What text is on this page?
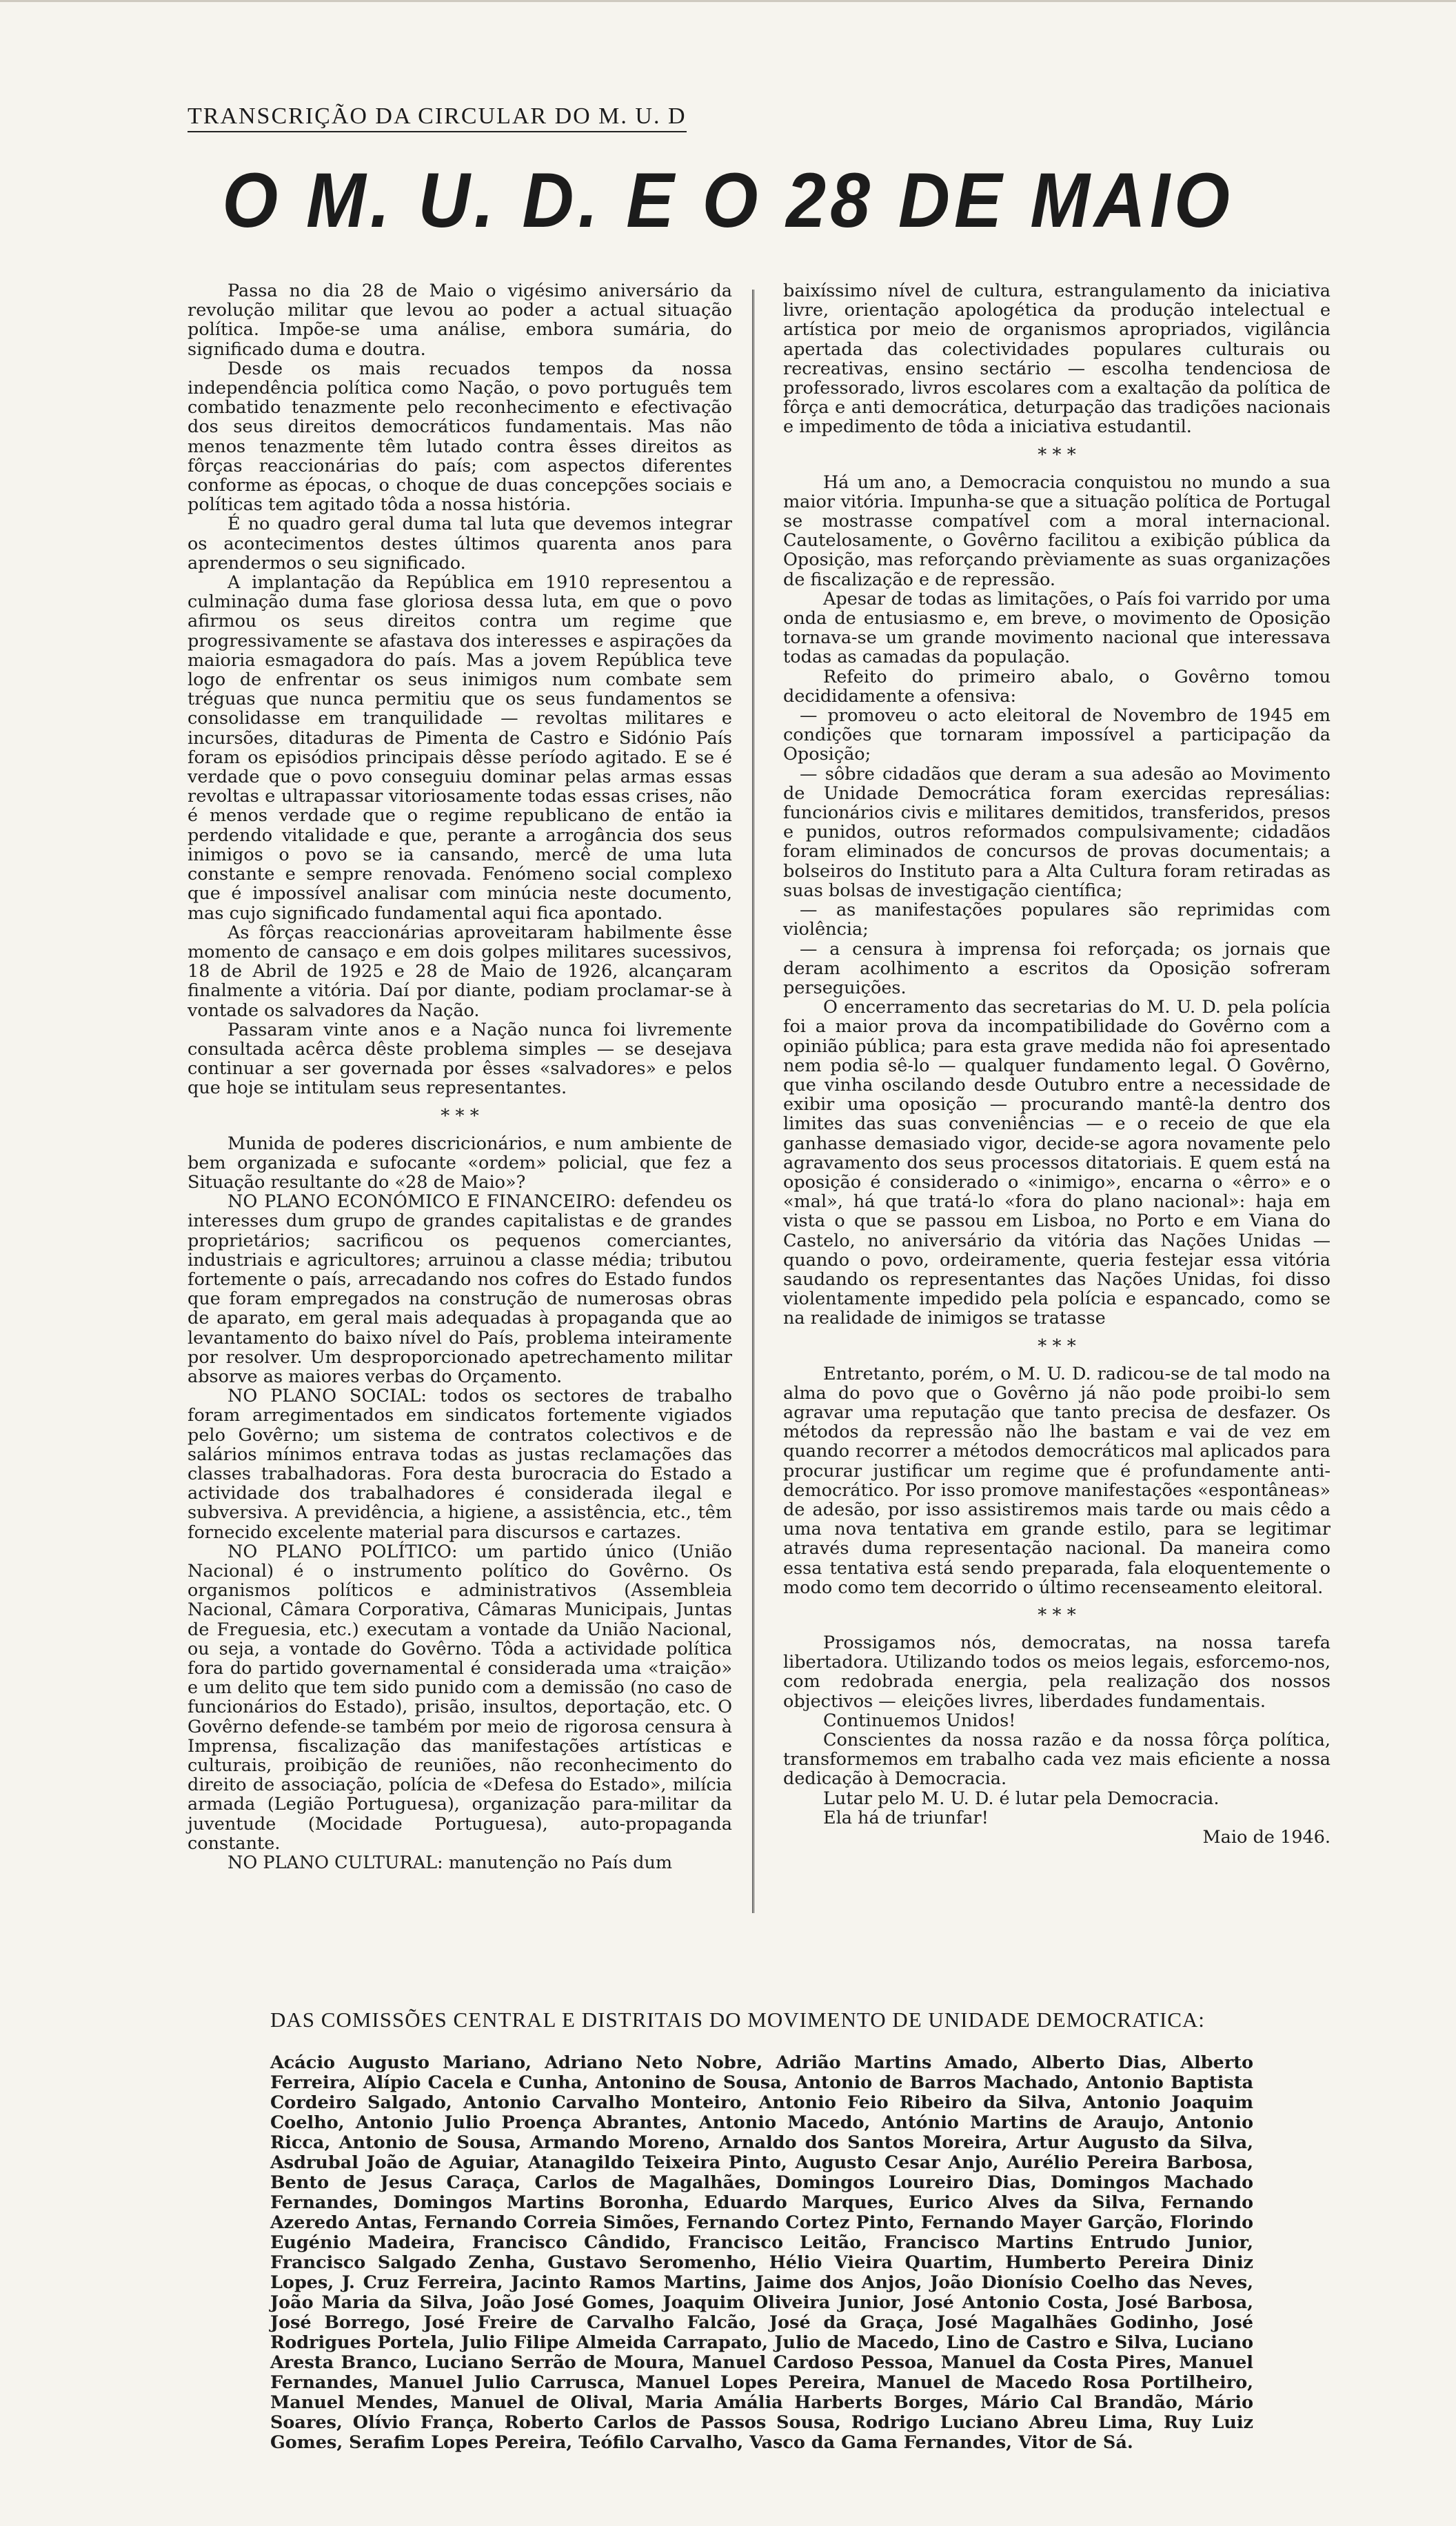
TRANSCRIÇÃO DA CIRCULAR DO M. U. D
O M. U. D. E O 28 DE MAIO

Passa no dia 28 de Maio o vigésimo aniversário da revolução militar que levou ao poder a actual situação política. Impõe-se uma análise, embora sumária, do significado duma e doutra.

Desde os mais recuados tempos da nossa independência política como Nação, o povo português tem combatido tenazmente pelo reconhecimento e efectivação dos seus direitos democráticos fundamentais. Mas não menos tenazmente têm lutado contra êsses direitos as fôrças reaccionárias do país; com aspectos diferentes conforme as épocas, o choque de duas concepções sociais e políticas tem agitado tôda a nossa história.

É no quadro geral duma tal luta que devemos integrar os acontecimentos destes últimos quarenta anos para aprendermos o seu significado.

A implantação da República em 1910 representou a culminação duma fase gloriosa dessa luta, em que o povo afirmou os seus direitos contra um regime que progressivamente se afastava dos interesses e aspirações da maioria esmagadora do país. Mas a jovem República teve logo de enfrentar os seus inimigos num combate sem tréguas que nunca permitiu que os seus fundamentos se consolidasse em tranquilidade — revoltas militares e incursões, ditaduras de Pimenta de Castro e Sidónio País foram os episódios principais dêsse período agitado. E se é verdade que o povo conseguiu dominar pelas armas essas revoltas e ultrapassar vitoriosamente todas essas crises, não é menos verdade que o regime republicano de então ia perdendo vitalidade e que, perante a arrogância dos seus inimigos o povo se ia cansando, mercê de uma luta constante e sempre renovada. Fenómeno social complexo que é impossível analisar com minúcia neste documento, mas cujo significado fundamental aqui fica apontado.

As fôrças reaccionárias aproveitaram habilmente êsse momento de cansaço e em dois golpes militares sucessivos, 18 de Abril de 1925 e 28 de Maio de 1926, alcançaram finalmente a vitória. Daí por diante, podiam proclamar-se à vontade os salvadores da Nação.

Passaram vinte anos e a Nação nunca foi livremente consultada acêrca dêste problema simples — se desejava continuar a ser governada por êsses «salvadores» e pelos que hoje se intitulam seus representantes.

* * *

Munida de poderes discricionários, e num ambiente de bem organizada e sufocante «ordem» policial, que fez a Situação resultante do «28 de Maio»?

NO PLANO ECONÓMICO E FINANCEIRO: defendeu os interesses dum grupo de grandes capitalistas e de grandes proprietários; sacrificou os pequenos comerciantes, industriais e agricultores; arruinou a classe média; tributou fortemente o país, arrecadando nos cofres do Estado fundos que foram empregados na construção de numerosas obras de aparato, em geral mais adequadas à propaganda que ao levantamento do baixo nível do País, problema inteiramente por resolver. Um desproporcionado apetrechamento militar absorve as maiores verbas do Orçamento.

NO PLANO SOCIAL: todos os sectores de trabalho foram arregimentados em sindicatos fortemente vigiados pelo Govêrno; um sistema de contratos colectivos e de salários mínimos entrava todas as justas reclamações das classes trabalhadoras. Fora desta burocracia do Estado a actividade dos trabalhadores é considerada ilegal e subversiva. A previdência, a higiene, a assistência, etc., têm fornecido excelente material para discursos e cartazes.

NO PLANO POLÍTICO: um partido único (União Nacional) é o instrumento político do Govêrno. Os organismos políticos e administrativos (Assembleia Nacional, Câmara Corporativa, Câmaras Municipais, Juntas de Freguesia, etc.) executam a vontade da União Nacional, ou seja, a vontade do Govêrno. Tôda a actividade política fora do partido governamental é considerada uma «traição» e um delito que tem sido punido com a demissão (no caso de funcionários do Estado), prisão, insultos, deportação, etc. O Govêrno defende-se também por meio de rigorosa censura à Imprensa, fiscalização das manifestações artísticas e culturais, proibição de reuniões, não reconhecimento do direito de associação, polícia de «Defesa do Estado», milícia armada (Legião Portuguesa), organização para-militar da juventude (Mocidade Portuguesa), auto-propaganda constante.

NO PLANO CULTURAL: manutenção no País dum

baixíssimo nível de cultura, estrangulamento da iniciativa livre, orientação apologética da produção intelectual e artística por meio de organismos apropriados, vigilância apertada das colectividades populares culturais ou recreativas, ensino sectário — escolha tendenciosa de professorado, livros escolares com a exaltação da política de fôrça e anti democrática, deturpação das tradições nacionais e impedimento de tôda a iniciativa estudantil.

* * *

Há um ano, a Democracia conquistou no mundo a sua maior vitória. Impunha-se que a situação política de Portugal se mostrasse compatível com a moral internacional. Cautelosamente, o Govêrno facilitou a exibição pública da Oposição, mas reforçando prèviamente as suas organizações de fiscalização e de repressão.

Apesar de todas as limitações, o País foi varrido por uma onda de entusiasmo e, em breve, o movimento de Oposição tornava-se um grande movimento nacional que interessava todas as camadas da população.

Refeito do primeiro abalo, o Govêrno tomou decididamente a ofensiva:

— promoveu o acto eleitoral de Novembro de 1945 em condições que tornaram impossível a participação da Oposição;

— sôbre cidadãos que deram a sua adesão ao Movimento de Unidade Democrática foram exercidas represálias: funcionários civis e militares demitidos, transferidos, presos e punidos, outros reformados compulsivamente; cidadãos foram eliminados de concursos de provas documentais; a bolseiros do Instituto para a Alta Cultura foram retiradas as suas bolsas de investigação científica;

— as manifestações populares são reprimidas com violência;

— a censura à imprensa foi reforçada; os jornais que deram acolhimento a escritos da Oposição sofreram perseguições.

O encerramento das secretarias do M. U. D. pela polícia foi a maior prova da incompatibilidade do Govêrno com a opinião pública; para esta grave medida não foi apresentado nem podia sê-lo — qualquer fundamento legal. O Govêrno, que vinha oscilando desde Outubro entre a necessidade de exibir uma oposição — procurando mantê-la dentro dos limites das suas conveniências — e o receio de que ela ganhasse demasiado vigor, decide-se agora novamente pelo agravamento dos seus processos ditatoriais. E quem está na oposição é considerado o «inimigo», encarna o «êrro» e o «mal», há que tratá-lo «fora do plano nacional»: haja em vista o que se passou em Lisboa, no Porto e em Viana do Castelo, no aniversário da vitória das Nações Unidas — quando o povo, ordeiramente, queria festejar essa vitória saudando os representantes das Nações Unidas, foi disso violentamente impedido pela polícia e espancado, como se na realidade de inimigos se tratasse

* * *

Entretanto, porém, o M. U. D. radicou-se de tal modo na alma do povo que o Govêrno já não pode proibi-lo sem agravar uma reputação que tanto precisa de desfazer. Os métodos da repressão não lhe bastam e vai de vez em quando recorrer a métodos democráticos mal aplicados para procurar justificar um regime que é profundamente anti-democrático. Por isso promove manifestações «espontâneas» de adesão, por isso assistiremos mais tarde ou mais cêdo a uma nova tentativa em grande estilo, para se legitimar através duma representação nacional. Da maneira como essa tentativa está sendo preparada, fala eloquentemente o modo como tem decorrido o último recenseamento eleitoral.

* * *

Prossigamos nós, democratas, na nossa tarefa libertadora. Utilizando todos os meios legais, esforcemo-nos, com redobrada energia, pela realização dos nossos objectivos — eleições livres, liberdades fundamentais.

Continuemos Unidos!

Conscientes da nossa razão e da nossa fôrça política, transformemos em trabalho cada vez mais eficiente a nossa dedicação à Democracia.

Lutar pelo M. U. D. é lutar pela Democracia.

Ela há de triunfar!

Maio de 1946.

DAS COMISSÕES CENTRAL E DISTRITAIS DO MOVIMENTO DE UNIDADE DEMOCRATICA:
Acácio Augusto Mariano, Adriano Neto Nobre, Adrião Martins Amado, Alberto Dias, Alberto Ferreira, Alípio Cacela e Cunha, Antonino de Sousa, Antonio de Barros Machado, Antonio Baptista Cordeiro Salgado, Antonio Carvalho Monteiro, Antonio Feio Ribeiro da Silva, Antonio Joaquim Coelho, Antonio Julio Proença Abrantes, Antonio Macedo, António Martins de Araujo, Antonio Ricca, Antonio de Sousa, Armando Moreno, Arnaldo dos Santos Moreira, Artur Augusto da Silva, Asdrubal João de Aguiar, Atanagildo Teixeira Pinto, Augusto Cesar Anjo, Aurélio Pereira Barbosa, Bento de Jesus Caraça, Carlos de Magalhães, Domingos Loureiro Dias, Domingos Machado Fernandes, Domingos Martins Boronha, Eduardo Marques, Eurico Alves da Silva, Fernando Azeredo Antas, Fernando Correia Simões, Fernando Cortez Pinto, Fernando Mayer Garção, Florindo Eugénio Madeira, Francisco Cândido, Francisco Leitão, Francisco Martins Entrudo Junior, Francisco Salgado Zenha, Gustavo Seromenho, Hélio Vieira Quartim, Humberto Pereira Diniz Lopes, J. Cruz Ferreira, Jacinto Ramos Martins, Jaime dos Anjos, João Dionísio Coelho das Neves, João Maria da Silva, João José Gomes, Joaquim Oliveira Junior, José Antonio Costa, José Barbosa, José Borrego, José Freire de Carvalho Falcão, José da Graça, José Magalhães Godinho, José Rodrigues Portela, Julio Filipe Almeida Carrapato, Julio de Macedo, Lino de Castro e Silva, Luciano Aresta Branco, Luciano Serrão de Moura, Manuel Cardoso Pessoa, Manuel da Costa Pires, Manuel Fernandes, Manuel Julio Carrusca, Manuel Lopes Pereira, Manuel de Macedo Rosa Portilheiro, Manuel Mendes, Manuel de Olival, Maria Amália Harberts Borges, Mário Cal Brandão, Mário Soares, Olívio França, Roberto Carlos de Passos Sousa, Rodrigo Luciano Abreu Lima, Ruy Luiz Gomes, Serafim Lopes Pereira, Teófilo Carvalho, Vasco da Gama Fernandes, Vitor de Sá.
